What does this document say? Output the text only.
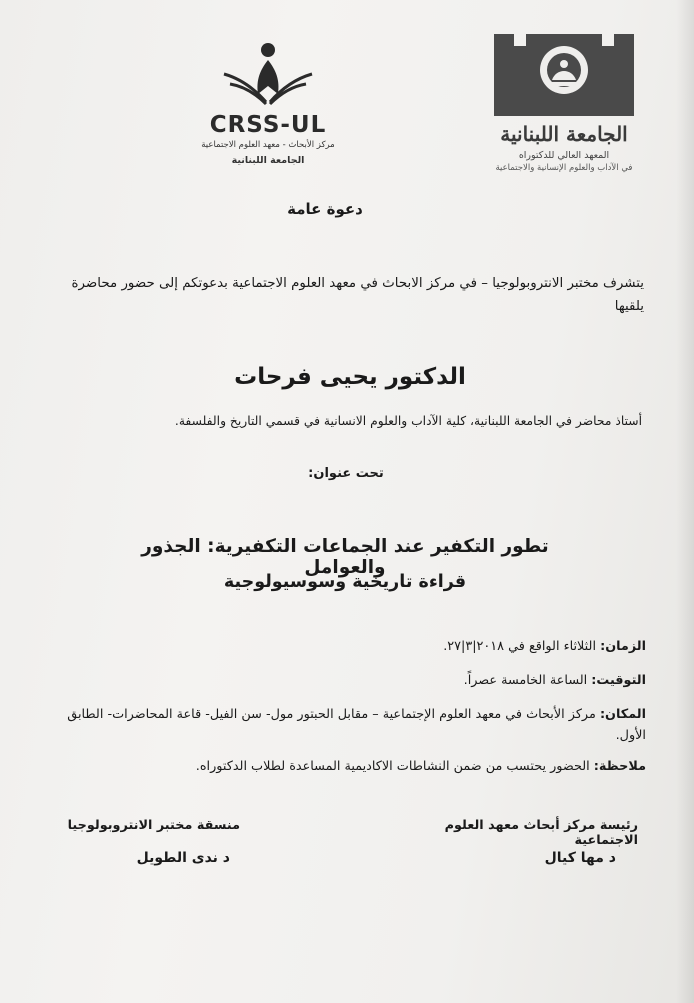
CRSS-UL
مركز الأبحاث - معهد العلوم الاجتماعية
الجامعة اللبنانية
الجامعة اللبنانية
المعهد العالي للدكتوراه
في الآداب والعلوم الإنسانية والاجتماعية
دعوة عامة
يتشرف مختبر الانتروبولوجيا – في مركز الابحاث في معهد العلوم الاجتماعية بدعوتكم إلى حضور محاضرة يلقيها
الدكتور يحيى فرحات
أستاذ محاضر في الجامعة اللبنانية، كلية الآداب والعلوم الانسانية في قسمي التاريخ والفلسفة.
تحت عنوان:
تطور التكفير عند الجماعات التكفيرية: الجذور والعوامل
قراءة تاريخية وسوسيولوجية
الزمان: الثلاثاء الواقع في ٢٠١٨|٣|٢٧.
التوقيت: الساعة الخامسة عصراً.
المكان: مركز الأبحاث في معهد العلوم الإجتماعية – مقابل الحبتور مول- سن الفيل- قاعة المحاضرات- الطابق الأول.
ملاحظة: الحضور يحتسب من ضمن النشاطات الاكاديمية المساعدة لطلاب الدكتوراه.
رئيسة مركز أبحاث معهد العلوم الاجتماعية
د مها كيال
منسقة مختبر الانتروبولوجيا
د ندى الطويل
